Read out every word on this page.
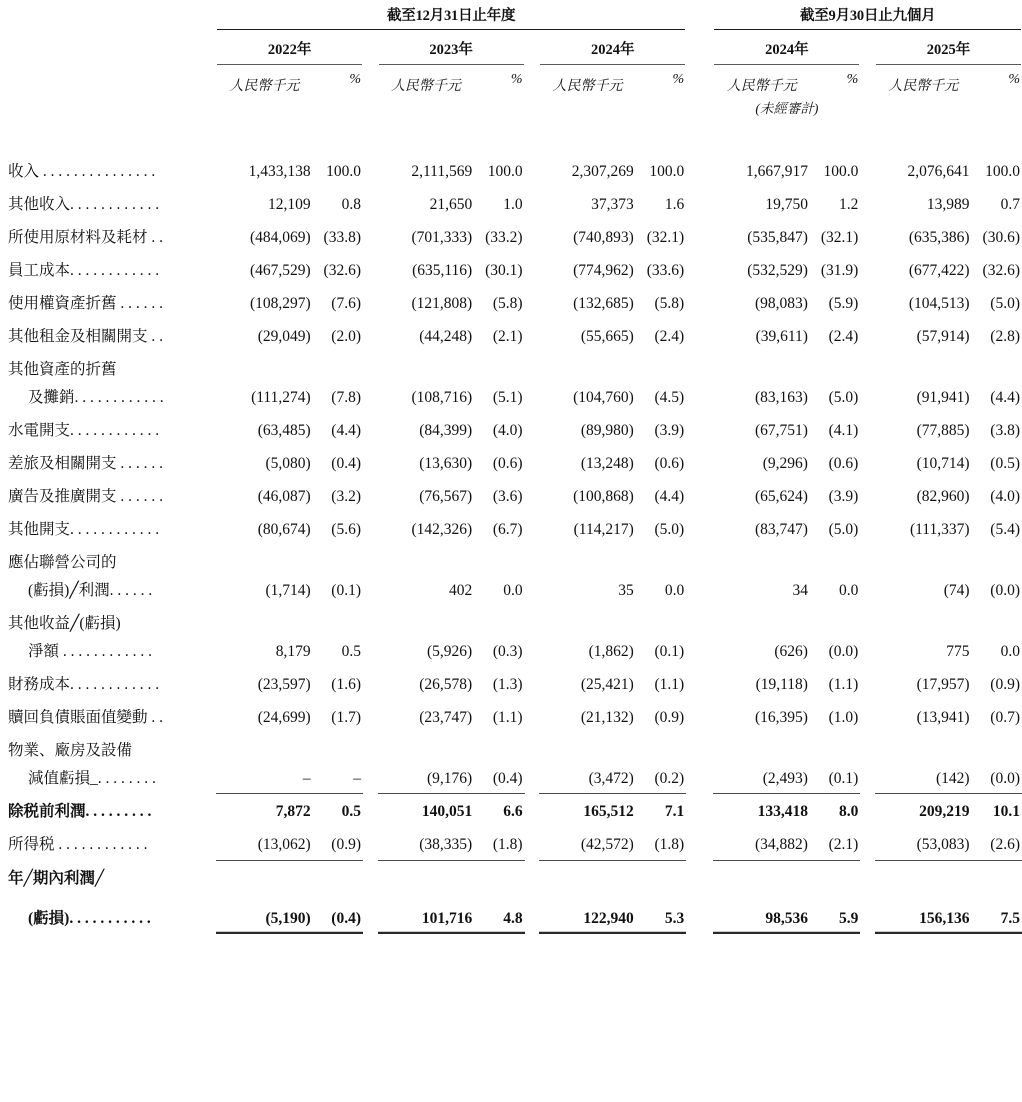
	截至12月31日止年度									截至9月30日止九個月				

	2022年			2023年			2024年			2024年			2025年	

	人民幣千元	%		人民幣千元	%		人民幣千元	%		人民幣千元	%		人民幣千元	%
										(未經審計)				

收入 . . . . . . . . . . . . . . .	1,433,138	100.0		2,111,569	100.0		2,307,269	100.0		1,667,917	100.0		2,076,641	100.0
其他收入. . . . . . . . . . . .	12,109	0.8		21,650	1.0		37,373	1.6		19,750	1.2		13,989	0.7
所使用原材料及耗材 . .	(484,069)	(33.8)		(701,333)	(33.2)		(740,893)	(32.1)		(535,847)	(32.1)		(635,386)	(30.6)
員工成本. . . . . . . . . . . .	(467,529)	(32.6)		(635,116)	(30.1)		(774,962)	(33.6)		(532,529)	(31.9)		(677,422)	(32.6)
使用權資產折舊 . . . . . .	(108,297)	(7.6)		(121,808)	(5.8)		(132,685)	(5.8)		(98,083)	(5.9)		(104,513)	(5.0)
其他租金及相關開支 . .	(29,049)	(2.0)		(44,248)	(2.1)		(55,665)	(2.4)		(39,611)	(2.4)		(57,914)	(2.8)
其他資產的折舊														
及攤銷. . . . . . . . . . . .	(111,274)	(7.8)		(108,716)	(5.1)		(104,760)	(4.5)		(83,163)	(5.0)		(91,941)	(4.4)
水電開支. . . . . . . . . . . .	(63,485)	(4.4)		(84,399)	(4.0)		(89,980)	(3.9)		(67,751)	(4.1)		(77,885)	(3.8)
差旅及相關開支 . . . . . .	(5,080)	(0.4)		(13,630)	(0.6)		(13,248)	(0.6)		(9,296)	(0.6)		(10,714)	(0.5)
廣告及推廣開支 . . . . . .	(46,087)	(3.2)		(76,567)	(3.6)		(100,868)	(4.4)		(65,624)	(3.9)		(82,960)	(4.0)
其他開支. . . . . . . . . . . .	(80,674)	(5.6)		(142,326)	(6.7)		(114,217)	(5.0)		(83,747)	(5.0)		(111,337)	(5.4)
應佔聯營公司的														
(虧損)╱利潤. . . . . .	(1,714)	(0.1)		402	0.0		35	0.0		34	0.0		(74)	(0.0)
其他收益╱(虧損)														
淨額 . . . . . . . . . . . .	8,179	0.5		(5,926)	(0.3)		(1,862)	(0.1)		(626)	(0.0)		775	0.0
財務成本. . . . . . . . . . . .	(23,597)	(1.6)		(26,578)	(1.3)		(25,421)	(1.1)		(19,118)	(1.1)		(17,957)	(0.9)
贖回負債賬面值變動 . .	(24,699)	(1.7)		(23,747)	(1.1)		(21,132)	(0.9)		(16,395)	(1.0)		(13,941)	(0.7)
物業、廠房及設備														
減值虧損_. . . . . . . .	–	–		(9,176)	(0.4)		(3,472)	(0.2)		(2,493)	(0.1)		(142)	(0.0)
除税前利潤. . . . . . . . .	7,872	0.5		140,051	6.6		165,512	7.1		133,418	8.0		209,219	10.1
所得税 . . . . . . . . . . . .	(13,062)	(0.9)		(38,335)	(1.8)		(42,572)	(1.8)		(34,882)	(2.1)		(53,083)	(2.6)
年╱期內利潤╱														

(虧損). . . . . . . . . . .	(5,190)	(0.4)		101,716	4.8		122,940	5.3		98,536	5.9		156,136	7.5
